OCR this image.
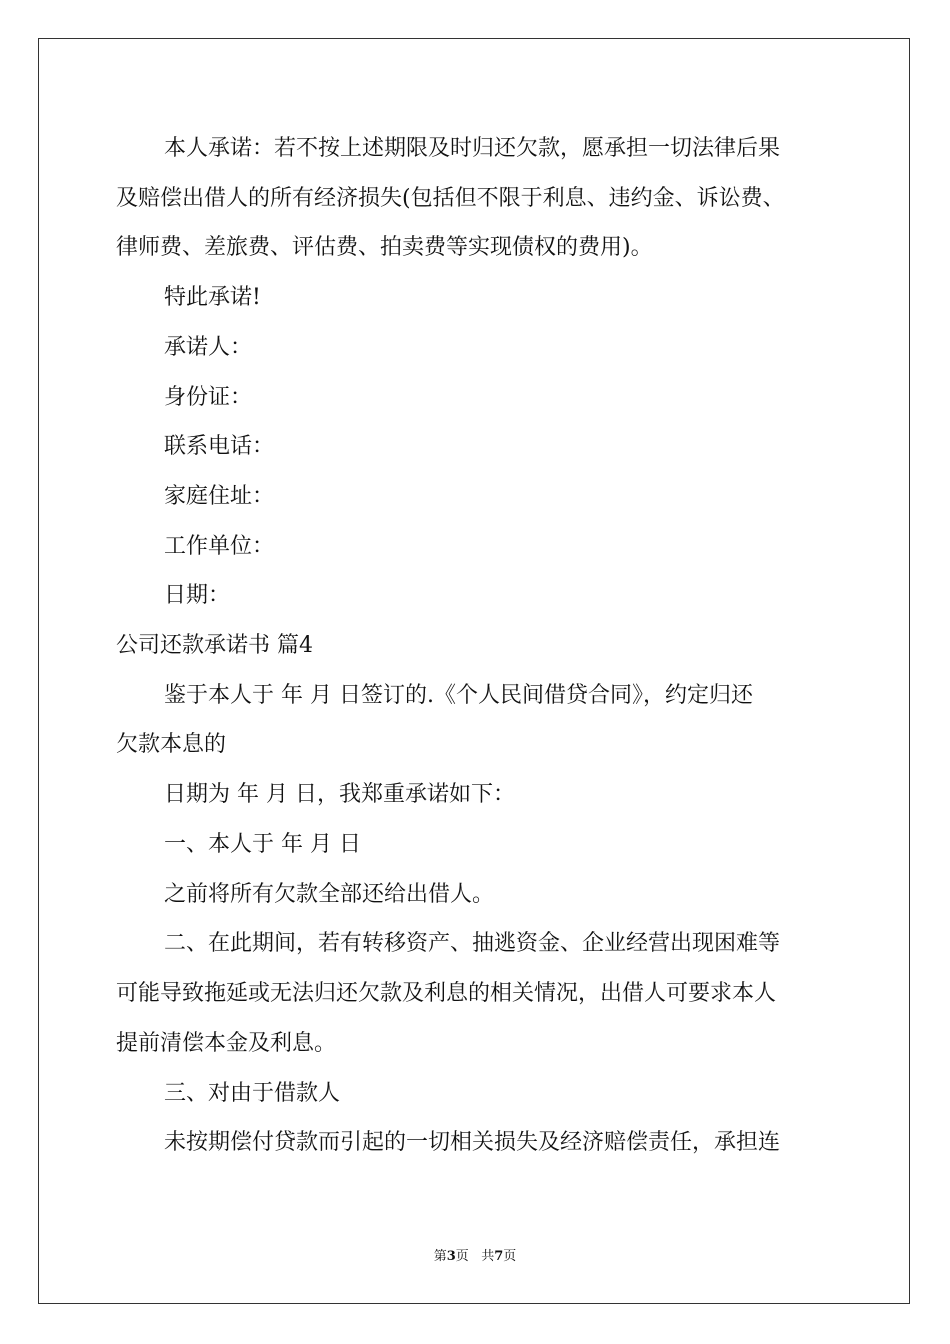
本人承诺：若不按上述期限及时归还欠款，愿承担一切法律后果
及赔偿出借人的所有经济损失(包括但不限于利息、违约金、诉讼费、
律师费、差旅费、评估费、拍卖费等实现债权的费用)。
特此承诺!
承诺人：
身份证：
联系电话：
家庭住址：
工作单位：
日期：
公司还款承诺书 篇4
鉴于本人于 年 月 日签订的.《个人民间借贷合同》，约定归还
欠款本息的
日期为 年 月 日，我郑重承诺如下：
一、本人于 年 月 日
之前将所有欠款全部还给出借人。
二、在此期间，若有转移资产、抽逃资金、企业经营出现困难等
可能导致拖延或无法归还欠款及利息的相关情况，出借人可要求本人
提前清偿本金及利息。
三、对由于借款人
未按期偿付贷款而引起的一切相关损失及经济赔偿责任，承担连
第3页 共7页
